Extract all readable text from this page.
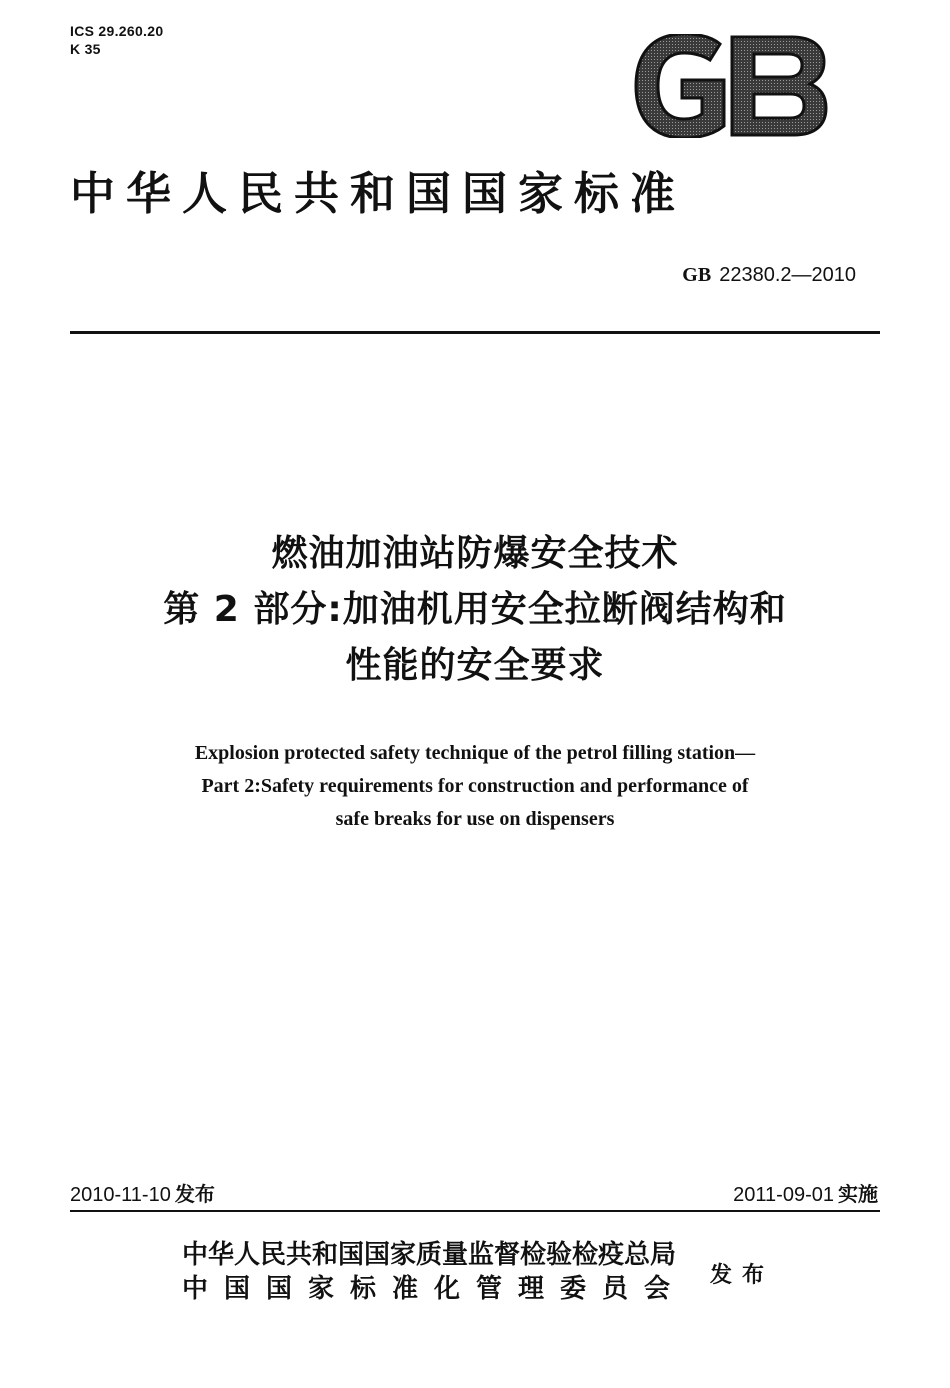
ICS 29.260.20
K 35
中华人民共和国国家标准
GB 22380.2—2010
燃油加油站防爆安全技术
第 2 部分:加油机用安全拉断阀结构和
性能的安全要求
Explosion protected safety technique of the petrol filling station—
Part 2:Safety requirements for construction and performance of
safe breaks for use on dispensers
2010-11-10 发布	2011-09-01 实施
中华人民共和国国家质量监督检验检疫总局
中国国家标准化管理委员会 发布
